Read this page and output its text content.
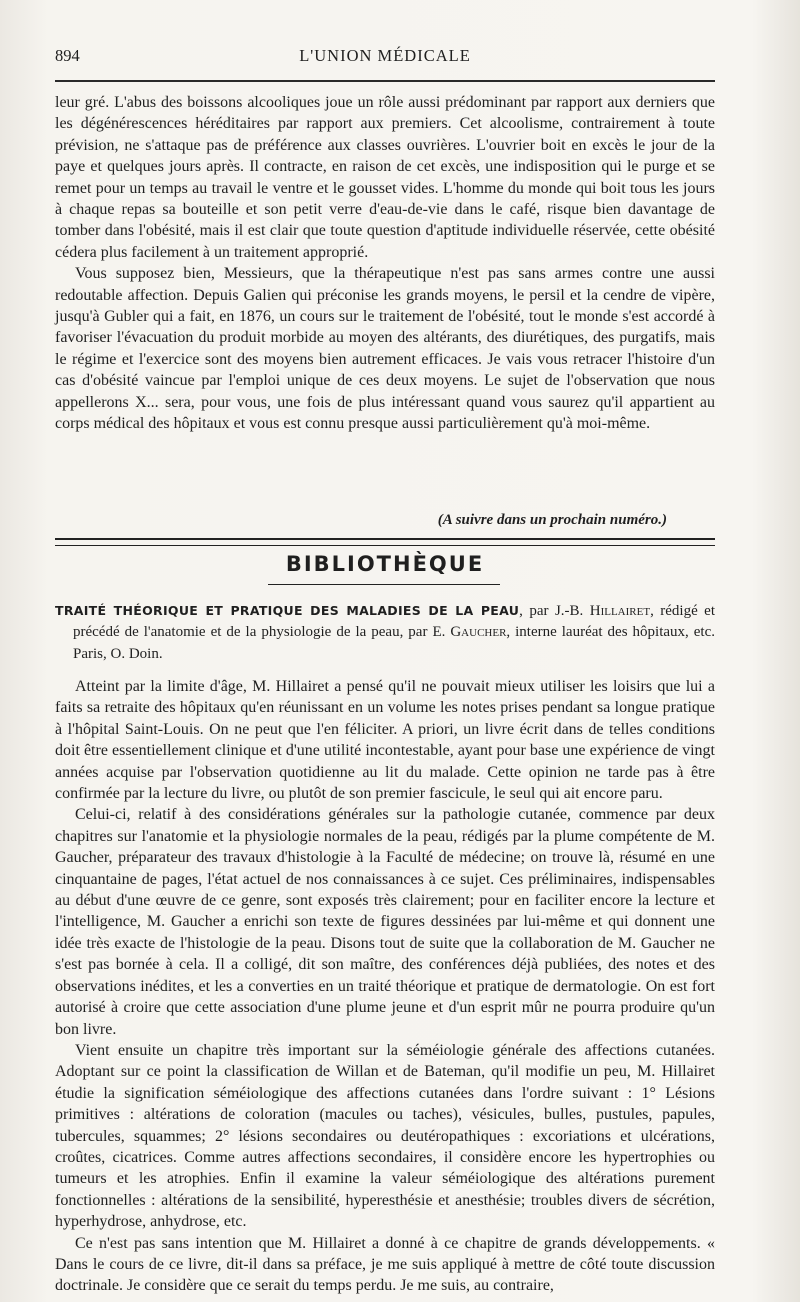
894	L'UNION MÉDICALE

leur gré. L'abus des boissons alcooliques joue un rôle aussi prédominant par rapport aux derniers que les dégénérescences héréditaires par rapport aux premiers. Cet alcoolisme, contrairement à toute prévision, ne s'attaque pas de préférence aux classes ouvrières. L'ouvrier boit en excès le jour de la paye et quelques jours après. Il contracte, en raison de cet excès, une indisposition qui le purge et se remet pour un temps au travail le ventre et le gousset vides. L'homme du monde qui boit tous les jours à chaque repas sa bouteille et son petit verre d'eau-de-vie dans le café, risque bien davantage de tomber dans l'obésité, mais il est clair que toute question d'aptitude individuelle réservée, cette obésité cédera plus facilement à un traitement approprié.

Vous supposez bien, Messieurs, que la thérapeutique n'est pas sans armes contre une aussi redoutable affection. Depuis Galien qui préconise les grands moyens, le persil et la cendre de vipère, jusqu'à Gubler qui a fait, en 1876, un cours sur le traitement de l'obésité, tout le monde s'est accordé à favoriser l'évacuation du produit morbide au moyen des altérants, des diurétiques, des purgatifs, mais le régime et l'exercice sont des moyens bien autrement efficaces. Je vais vous retracer l'histoire d'un cas d'obésité vaincue par l'emploi unique de ces deux moyens. Le sujet de l'observation que nous appellerons X... sera, pour vous, une fois de plus intéressant quand vous saurez qu'il appartient au corps médical des hôpitaux et vous est connu presque aussi particulièrement qu'à moi-même.

(A suivre dans un prochain numéro.)
BIBLIOTHÈQUE
TRAITÉ THÉORIQUE ET PRATIQUE DES MALADIES DE LA PEAU, par J.-B. Hillairet, rédigé et précédé de l'anatomie et de la physiologie de la peau, par E. Gaucher, interne lauréat des hôpitaux, etc. Paris, O. Doin.

Atteint par la limite d'âge, M. Hillairet a pensé qu'il ne pouvait mieux utiliser les loisirs que lui a faits sa retraite des hôpitaux qu'en réunissant en un volume les notes prises pendant sa longue pratique à l'hôpital Saint-Louis. On ne peut que l'en féliciter. A priori, un livre écrit dans de telles conditions doit être essentiellement clinique et d'une utilité incontestable, ayant pour base une expérience de vingt années acquise par l'observation quotidienne au lit du malade. Cette opinion ne tarde pas à être confirmée par la lecture du livre, ou plutôt de son premier fascicule, le seul qui ait encore paru.

Celui-ci, relatif à des considérations générales sur la pathologie cutanée, commence par deux chapitres sur l'anatomie et la physiologie normales de la peau, rédigés par la plume compétente de M. Gaucher, préparateur des travaux d'histologie à la Faculté de médecine; on trouve là, résumé en une cinquantaine de pages, l'état actuel de nos connaissances à ce sujet. Ces préliminaires, indispensables au début d'une œuvre de ce genre, sont exposés très clairement; pour en faciliter encore la lecture et l'intelligence, M. Gaucher a enrichi son texte de figures dessinées par lui-même et qui donnent une idée très exacte de l'histologie de la peau. Disons tout de suite que la collaboration de M. Gaucher ne s'est pas bornée à cela. Il a colligé, dit son maître, des conférences déjà publiées, des notes et des observations inédites, et les a converties en un traité théorique et pratique de dermatologie. On est fort autorisé à croire que cette association d'une plume jeune et d'un esprit mûr ne pourra produire qu'un bon livre.

Vient ensuite un chapitre très important sur la séméiologie générale des affections cutanées. Adoptant sur ce point la classification de Willan et de Bateman, qu'il modifie un peu, M. Hillairet étudie la signification séméiologique des affections cutanées dans l'ordre suivant : 1° Lésions primitives : altérations de coloration (macules ou taches), vésicules, bulles, pustules, papules, tubercules, squammes; 2° lésions secondaires ou deutéropathiques : excoriations et ulcérations, croûtes, cicatrices. Comme autres affections secondaires, il considère encore les hypertrophies ou tumeurs et les atrophies. Enfin il examine la valeur séméiologique des altérations purement fonctionnelles : altérations de la sensibilité, hyperesthésie et anesthésie; troubles divers de sécrétion, hyperhydrose, anhydrose, etc.

Ce n'est pas sans intention que M. Hillairet a donné à ce chapitre de grands développements. « Dans le cours de ce livre, dit-il dans sa préface, je me suis appliqué à mettre de côté toute discussion doctrinale. Je considère que ce serait du temps perdu. Je me suis, au contraire,
